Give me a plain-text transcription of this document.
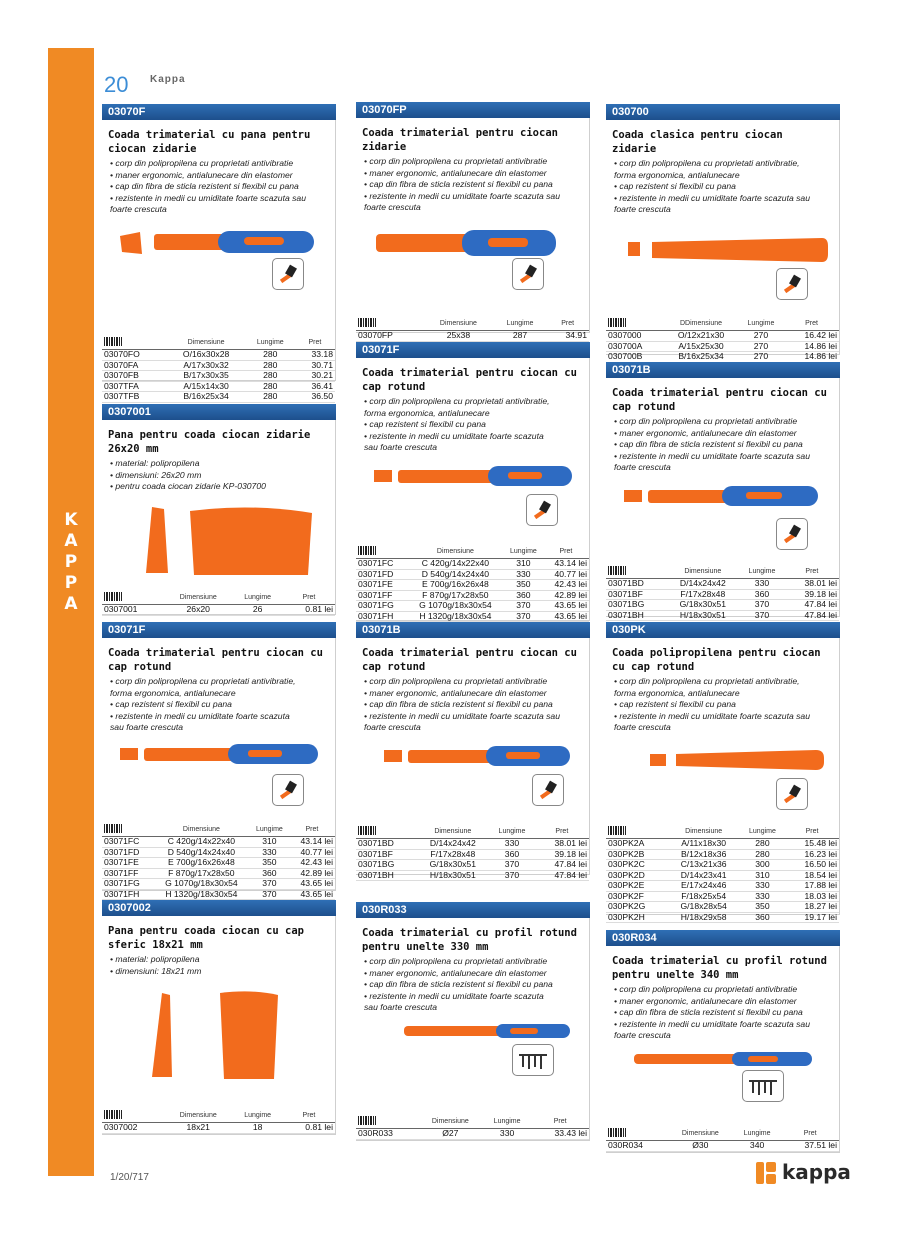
K
A
P
P
A
20 Kappa
1/20/717	kappa
03070F
Coada trimaterial cu pana pentru ciocan zidarie
• corp din polipropilena cu proprietati antivibratie
• maner ergonomic, antialunecare din elastomer
• cap din fibra de sticla rezistent si flexibil cu pana
• rezistente in medii cu umiditate foarte scazuta sau
foarte crescuta
	Dimensiune	Lungime	Pret
03070FO	O/16x30x28	280	33.18
03070FA	A/17x30x32	280	30.71
03070FB	B/17x30x35	280	30.21
0307TFA	A/15x14x30	280	36.41
0307TFB	B/16x25x34	280	36.50
03070FP
Coada trimaterial pentru ciocan zidarie
• corp din polipropilena cu proprietati antivibratie
• maner ergonomic, antialunecare din elastomer
• cap din fibra de sticla rezistent si flexibil cu pana
• rezistente in medii cu umiditate foarte scazuta sau
foarte crescuta
	Dimensiune	Lungime	Pret
03070FP	25x38	287	34.91
030700
Coada clasica pentru ciocan zidarie
• corp din polipropilena cu proprietati antivibratie,
forma ergonomica, antialunecare
• cap rezistent si flexibil cu pana
• rezistente in medii cu umiditate foarte scazuta sau
foarte crescuta
	DDimensiune	Lungime	Pret
0307000	O/12x21x30	270	16.42 lei
030700A	A/15x25x30	270	14.86 lei
030700B	B/16x25x34	270	14.86 lei
0307001
Pana pentru coada ciocan zidarie 26x20 mm
• material: polipropilena
• dimensiuni: 26x20 mm
• pentru coada ciocan zidarie KP-030700
	Dimensiune	Lungime	Pret
0307001	26x20	26	0.81 lei
03071F
Coada trimaterial pentru ciocan cu cap rotund
• corp din polipropilena cu proprietati antivibratie,
forma ergonomica, antialunecare
• cap rezistent si flexibil cu pana
• rezistente in medii cu umiditate foarte scazuta
sau foarte crescuta
	Dimensiune	Lungime	Pret
03071FC	C 420g/14x22x40	310	43.14 lei
03071FD	D 540g/14x24x40	330	40.77 lei
03071FE	E 700g/16x26x48	350	42.43 lei
03071FF	F 870g/17x28x50	360	42.89 lei
03071FG	G 1070g/18x30x54	370	43.65 lei
03071FH	H 1320g/18x30x54	370	43.65 lei
03071B
Coada trimaterial pentru ciocan cu cap rotund
• corp din polipropilena cu proprietati antivibratie
• maner ergonomic, antialunecare din elastomer
• cap din fibra de sticla rezistent si flexibil cu pana
• rezistente in medii cu umiditate foarte scazuta sau
foarte crescuta
	Dimensiune	Lungime	Pret
03071BD	D/14x24x42	330	38.01 lei
03071BF	F/17x28x48	360	39.18 lei
03071BG	G/18x30x51	370	47.84 lei
03071BH	H/18x30x51	370	47.84 lei
03071F
Coada trimaterial pentru ciocan cu cap rotund
• corp din polipropilena cu proprietati antivibratie,
forma ergonomica, antialunecare
• cap rezistent si flexibil cu pana
• rezistente in medii cu umiditate foarte scazuta
sau foarte crescuta
	Dimensiune	Lungime	Pret
03071FC	C 420g/14x22x40	310	43.14 lei
03071FD	D 540g/14x24x40	330	40.77 lei
03071FE	E 700g/16x26x48	350	42.43 lei
03071FF	F 870g/17x28x50	360	42.89 lei
03071FG	G 1070g/18x30x54	370	43.65 lei
03071FH	H 1320g/18x30x54	370	43.65 lei
03071B
Coada trimaterial pentru ciocan cu cap rotund
• corp din polipropilena cu proprietati antivibratie
• maner ergonomic, antialunecare din elastomer
• cap din fibra de sticla rezistent si flexibil cu pana
• rezistente in medii cu umiditate foarte scazuta sau
foarte crescuta
	Dimensiune	Lungime	Pret
03071BD	D/14x24x42	330	38.01 lei
03071BF	F/17x28x48	360	39.18 lei
03071BG	G/18x30x51	370	47.84 lei
03071BH	H/18x30x51	370	47.84 lei
030PK
Coada polipropilena pentru ciocan cu cap rotund
• corp din polipropilena cu proprietati antivibratie,
forma ergonomica, antialunecare
• cap rezistent si flexibil cu pana
• rezistente in medii cu umiditate foarte scazuta sau
foarte crescuta
	Dimensiune	Lungime	Pret
030PK2A	A/11x18x30	280	15.48 lei
030PK2B	B/12x18x36	280	16.23 lei
030PK2C	C/13x21x36	300	16.50 lei
030PK2D	D/14x23x41	310	18.54 lei
030PK2E	E/17x24x46	330	17.88 lei
030PK2F	F/18x25x54	330	18.03 lei
030PK2G	G/18x28x54	350	18.27 lei
030PK2H	H/18x29x58	360	19.17 lei
0307002
Pana pentru coada ciocan cu cap sferic 18x21 mm
• material: polipropilena
• dimensiuni: 18x21 mm
	Dimensiune	Lungime	Pret
0307002	18x21	18	0.81 lei
030R033
Coada trimaterial cu profil rotund pentru unelte 330 mm
• corp din polipropilena cu proprietati antivibratie
• maner ergonomic, antialunecare din elastomer
• cap din fibra de sticla rezistent si flexibil cu pana
• rezistente in medii cu umiditate foarte scazuta
sau foarte crescuta
	Dimensiune	Lungime	Pret
030R033	Ø27	330	33.43 lei
030R034
Coada trimaterial cu profil rotund pentru unelte 340 mm
• corp din polipropilena cu proprietati antivibratie
• maner ergonomic, antialunecare din elastomer
• cap din fibra de sticla rezistent si flexibil cu pana
• rezistente in medii cu umiditate foarte scazuta sau
foarte crescuta
	Dimensiune	Lungime	Pret
030R034	Ø30	340	37.51 lei
